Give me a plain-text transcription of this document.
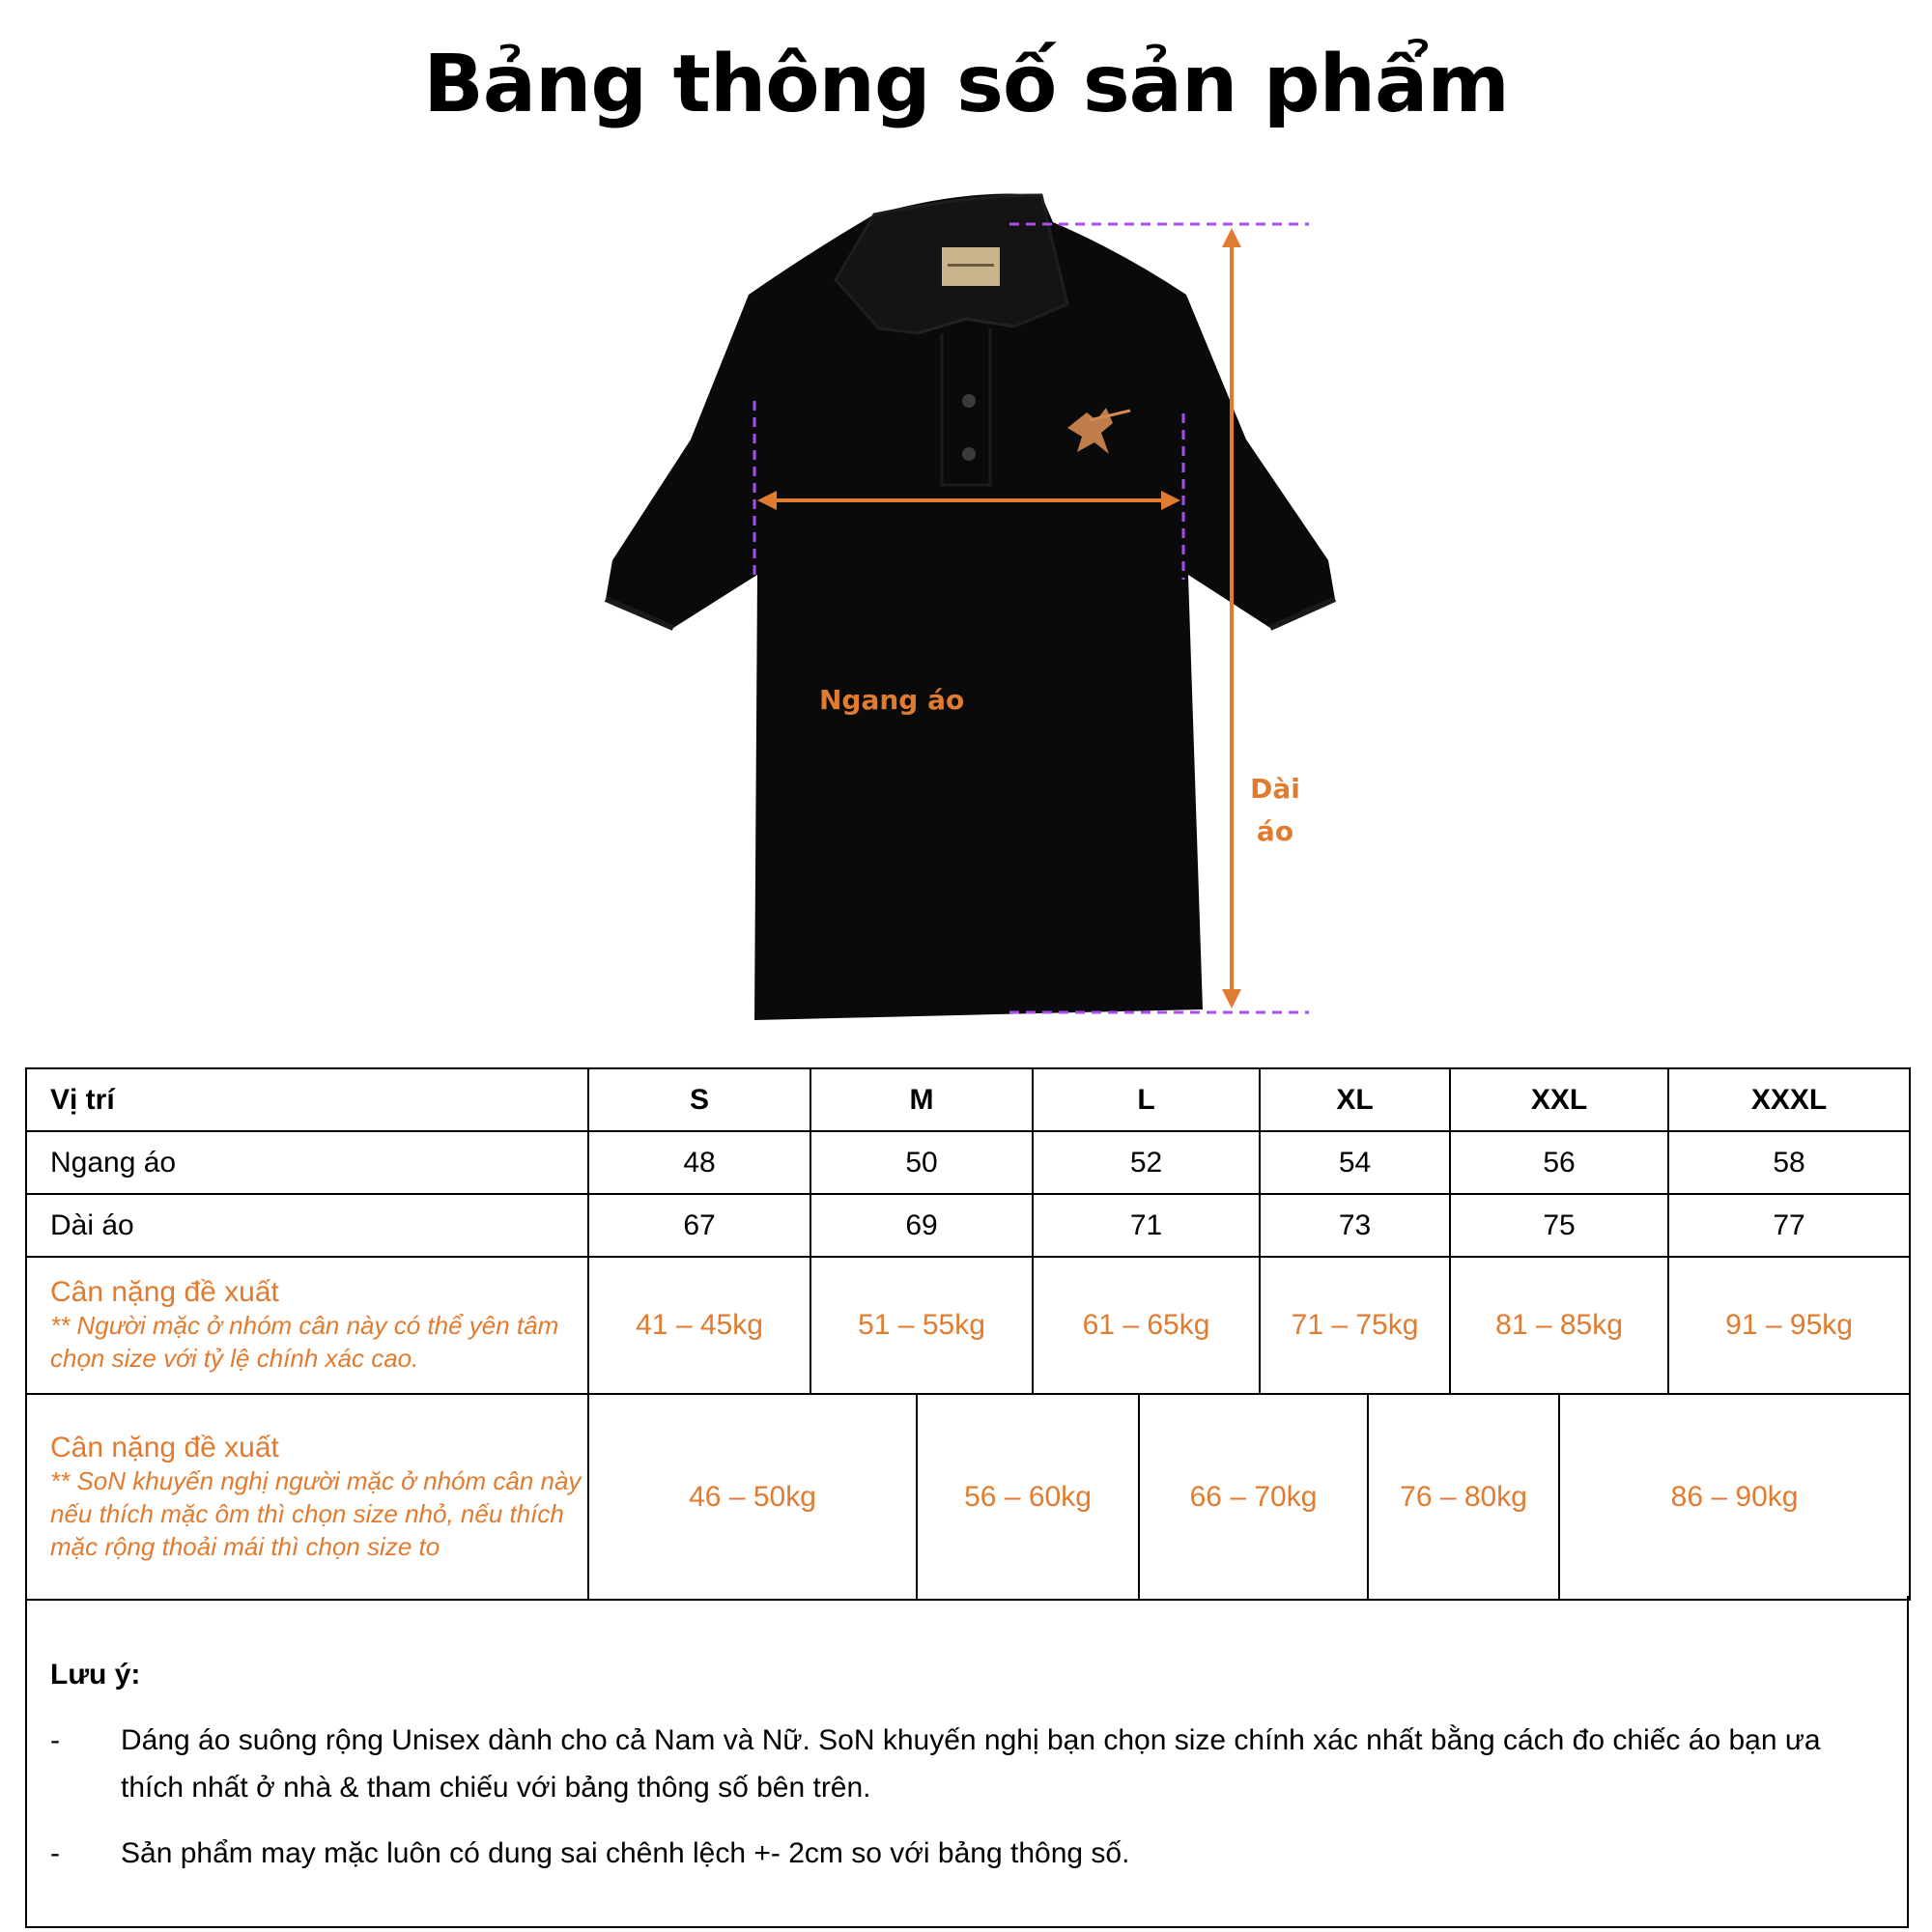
Bảng thông số sản phẩm
Ngang áo
Dài
áo
Vị trí	S	M		L		XL		XXL		XXXL
Ngang áo	48	50		52		54		56		58
Dài áo	67	69		71		73		75		77

Cân nặng đề xuất
** Người mặc ở nhóm cân này có thể yên tâm chọn size với tỷ lệ chính xác cao.	41 – 45kg	51 – 55kg		61 – 65kg		71 – 75kg		81 – 85kg		91 – 95kg

Cân nặng đề xuất
** SoN khuyến nghị người mặc ở nhóm cân này nếu thích mặc ôm thì chọn size nhỏ, nếu thích mặc rộng thoải mái thì chọn size to	46 – 50kg		56 – 60kg		66 – 70kg		76 – 80kg		86 – 90kg	
Lưu ý:
-	Dáng áo suông rộng Unisex dành cho cả Nam và Nữ. SoN khuyến nghị bạn chọn size chính xác nhất bằng cách đo chiếc áo bạn ưa thích nhất ở nhà & tham chiếu với bảng thông số bên trên.
-	Sản phẩm may mặc luôn có dung sai chênh lệch +- 2cm so với bảng thông số.
